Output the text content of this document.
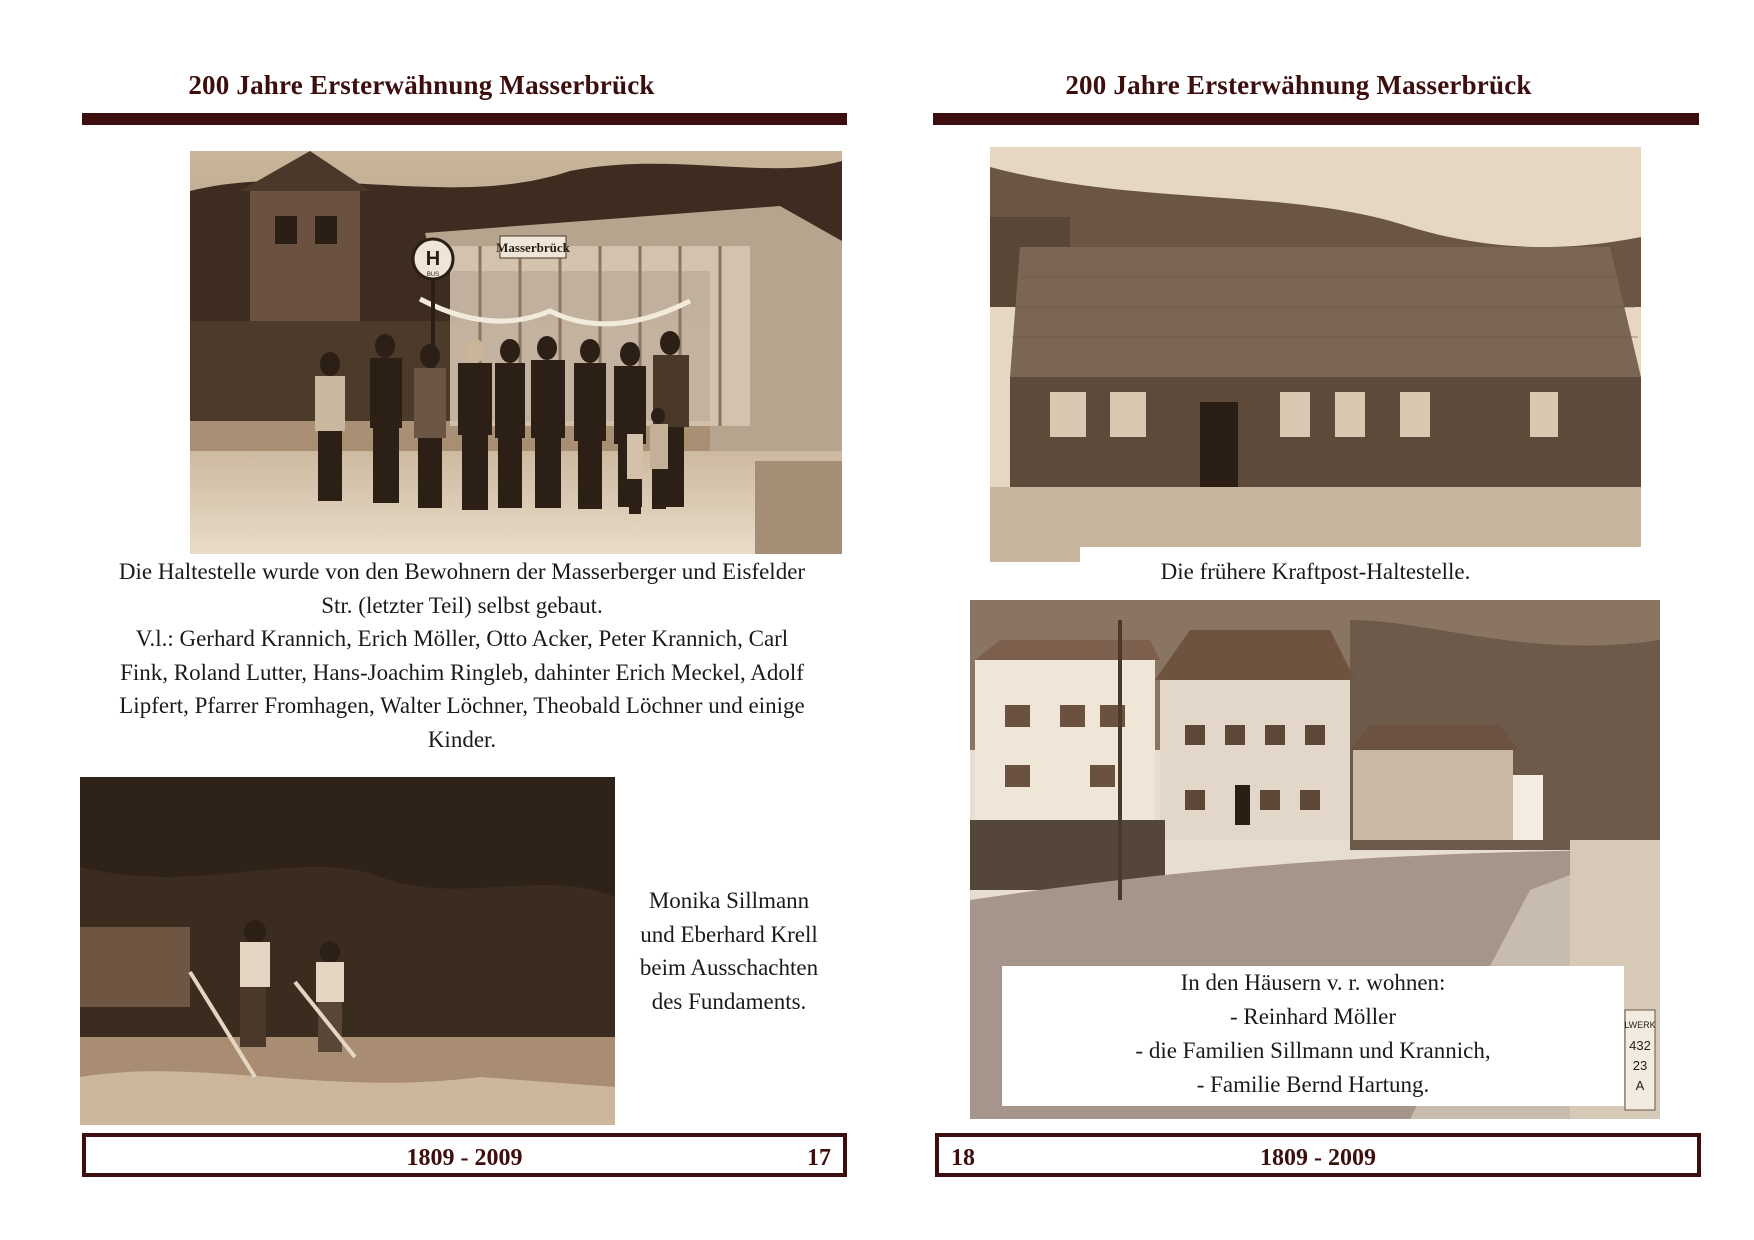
200 Jahre Ersterwähnung Masserbrück
Masserbrück
H
BUS
Die Haltestelle wurde von den Bewohnern der Masserberger und Eisfelder
Str. (letzter Teil) selbst gebaut.
V.l.: Gerhard Krannich, Erich Möller, Otto Acker, Peter Krannich, Carl
Fink, Roland Lutter, Hans-Joachim Ringleb, dahinter Erich Meckel, Adolf
Lipfert, Pfarrer Fromhagen, Walter Löchner, Theobald Löchner und einige
Kinder.
Monika Sillmann
und Eberhard Krell
beim Ausschachten
des Fundaments.
1809 - 2009	17
200 Jahre Ersterwähnung Masserbrück
Die frühere Kraftpost-Haltestelle.
LWERK
432
23
A
In den Häusern v. r. wohnen:
- Reinhard Möller
- die Familien Sillmann und Krannich,
- Familie Bernd Hartung.
1809 - 2009
18
